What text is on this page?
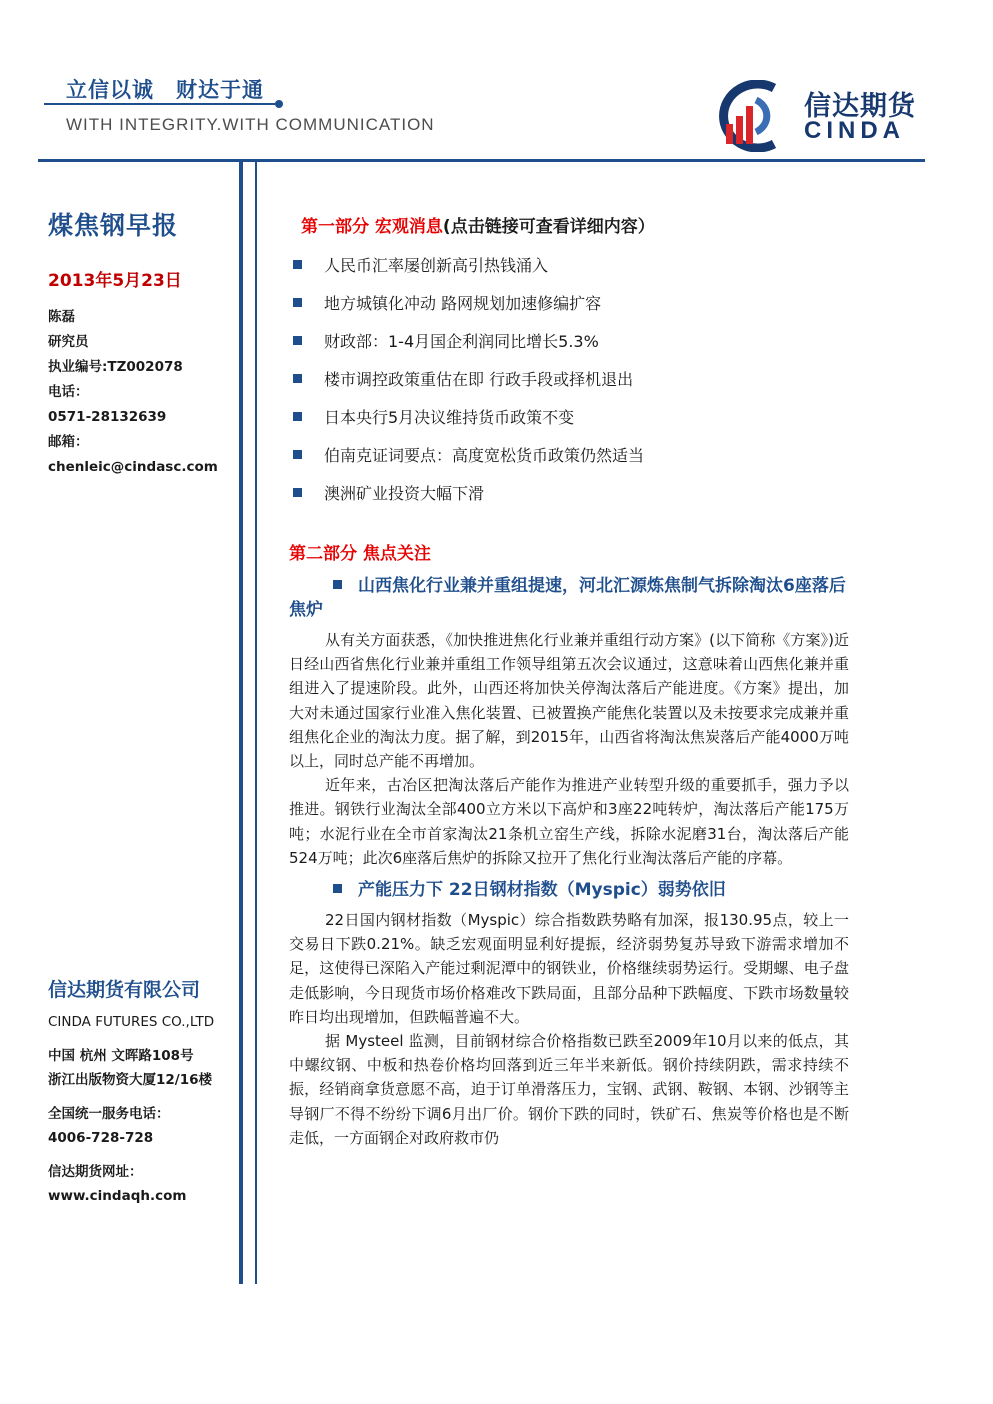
立信以诚　财达于通
WITH INTEGRITY.WITH COMMUNICATION
信达期货
CINDA
煤焦钢早报
2013年5月23日
陈磊
研究员
执业编号:TZ002078
电话：
0571-28132639
邮箱：
chenleic@cindasc.com
信达期货有限公司
CINDA FUTURES CO.,LTD
中国 杭州 文晖路108号
浙江出版物资大厦12/16楼
全国统一服务电话：
4006-728-728
信达期货网址：
www.cindaqh.com
第一部分 宏观消息(点击链接可查看详细内容）
人民币汇率屡创新高引热钱涌入
地方城镇化冲动 路网规划加速修编扩容
财政部：1-4月国企利润同比增长5.3%
楼市调控政策重估在即 行政手段或择机退出
日本央行5月决议维持货币政策不变
伯南克证词要点：高度宽松货币政策仍然适当
澳洲矿业投资大幅下滑
第二部分 焦点关注
山西焦化行业兼并重组提速，河北汇源炼焦制气拆除淘汰6座落后焦炉

从有关方面获悉，《加快推进焦化行业兼并重组行动方案》(以下简称《方案》)近日经山西省焦化行业兼并重组工作领导组第五次会议通过，这意味着山西焦化兼并重组进入了提速阶段。此外，山西还将加快关停淘汰落后产能进度。《方案》提出，加大对未通过国家行业准入焦化装置、已被置换产能焦化装置以及未按要求完成兼并重组焦化企业的淘汰力度。据了解，到2015年，山西省将淘汰焦炭落后产能4000万吨以上，同时总产能不再增加。

近年来，古冶区把淘汰落后产能作为推进产业转型升级的重要抓手，强力予以推进。钢铁行业淘汰全部400立方米以下高炉和3座22吨转炉，淘汰落后产能175万吨；水泥行业在全市首家淘汰21条机立窑生产线，拆除水泥磨31台，淘汰落后产能524万吨；此次6座落后焦炉的拆除又拉开了焦化行业淘汰落后产能的序幕。

产能压力下 22日钢材指数（Myspic）弱势依旧

22日国内钢材指数（Myspic）综合指数跌势略有加深，报130.95点，较上一交易日下跌0.21%。缺乏宏观面明显利好提振，经济弱势复苏导致下游需求增加不足，这使得已深陷入产能过剩泥潭中的钢铁业，价格继续弱势运行。受期螺、电子盘走低影响，今日现货市场价格难改下跌局面，且部分品种下跌幅度、下跌市场数量较昨日均出现增加，但跌幅普遍不大。

据 Mysteel 监测，目前钢材综合价格指数已跌至2009年10月以来的低点，其中螺纹钢、中板和热卷价格均回落到近三年半来新低。钢价持续阴跌，需求持续不振，经销商拿货意愿不高，迫于订单滑落压力，宝钢、武钢、鞍钢、本钢、沙钢等主导钢厂不得不纷纷下调6月出厂价。钢价下跌的同时，铁矿石、焦炭等价格也是不断走低，一方面钢企对政府救市仍
